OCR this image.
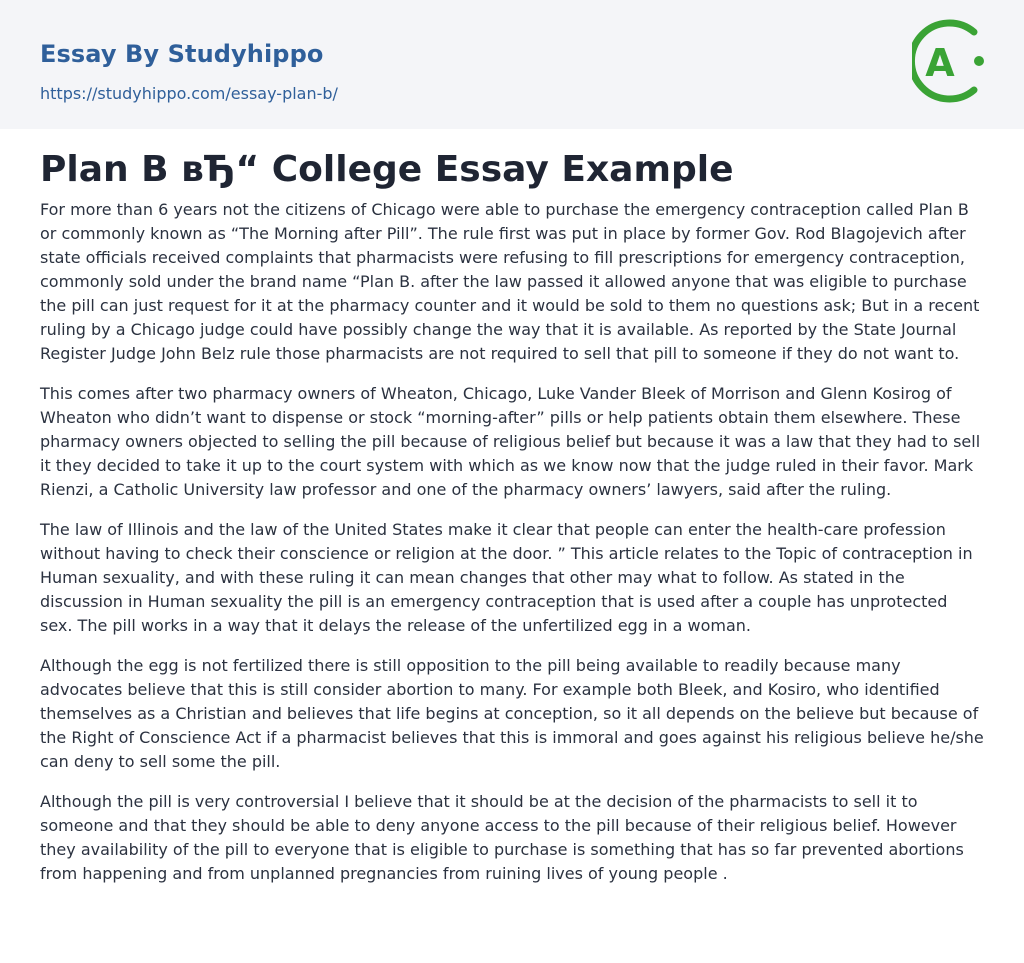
Essay By Studyhippo
https://studyhippo.com/essay-plan-b/
A
Plan B вЂ“ College Essay Example

For more than 6 years not the citizens of Chicago were able to purchase the emergency contraception called Plan B or commonly known as “The Morning after Pill”. The rule first was put in place by former Gov. Rod Blagojevich after state officials received complaints that pharmacists were refusing to fill prescriptions for emergency contraception, commonly sold under the brand name “Plan B. after the law passed it allowed anyone that was eligible to purchase the pill can just request for it at the pharmacy counter and it would be sold to them no questions ask; But in a recent ruling by a Chicago judge could have possibly change the way that it is available. As reported by the State Journal Register Judge John Belz rule those pharmacists are not required to sell that pill to someone if they do not want to.

This comes after two pharmacy owners of Wheaton, Chicago, Luke Vander Bleek of Morrison and Glenn Kosirog of Wheaton who didn’t want to dispense or stock “morning-after” pills or help patients obtain them elsewhere. These pharmacy owners objected to selling the pill because of religious belief but because it was a law that they had to sell it they decided to take it up to the court system with which as we know now that the judge ruled in their favor. Mark Rienzi, a Catholic University law professor and one of the pharmacy owners’ lawyers, said after the ruling.

The law of Illinois and the law of the United States make it clear that people can enter the health-care profession without having to check their conscience or religion at the door. ” This article relates to the Topic of contraception in Human sexuality, and with these ruling it can mean changes that other may what to follow. As stated in the discussion in Human sexuality the pill is an emergency contraception that is used after a couple has unprotected sex. The pill works in a way that it delays the release of the unfertilized egg in a woman.

Although the egg is not fertilized there is still opposition to the pill being available to readily because many advocates believe that this is still consider abortion to many. For example both Bleek, and Kosiro, who identified themselves as a Christian and believes that life begins at conception, so it all depends on the believe but because of the Right of Conscience Act if a pharmacist believes that this is immoral and goes against his religious believe he/she can deny to sell some the pill.

Although the pill is very controversial I believe that it should be at the decision of the pharmacists to sell it to someone and that they should be able to deny anyone access to the pill because of their religious belief. However they availability of the pill to everyone that is eligible to purchase is something that has so far prevented abortions from happening and from unplanned pregnancies from ruining lives of young people .
